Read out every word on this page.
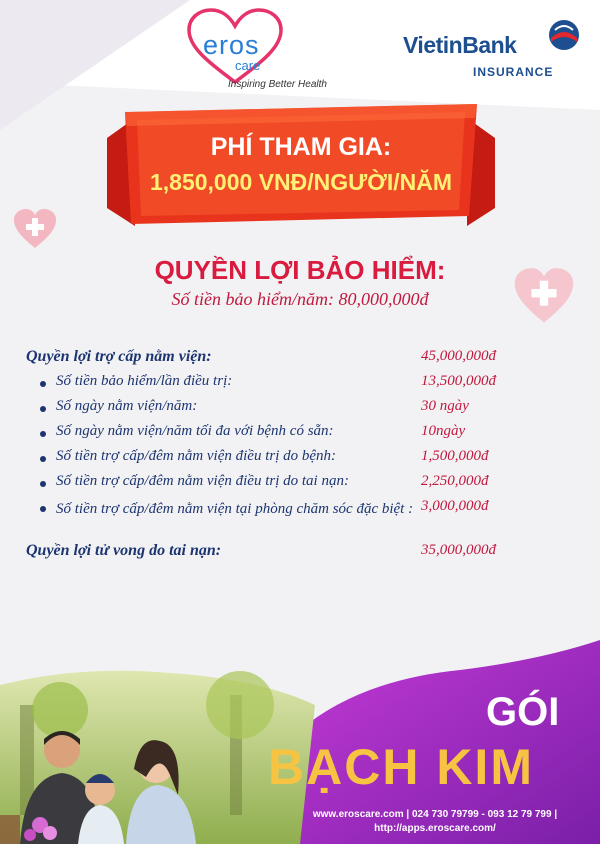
eros
care
Inspiring Better Health
VietinBank
INSURANCE
PHÍ THAM GIA:
1,850,000 VNĐ/NGƯỜI/NĂM
QUYỀN LỢI BẢO HIỂM:
Số tiền bảo hiểm/năm: 80,000,000đ
Quyền lợi trợ cấp nằm viện:	45,000,000đ
Số tiền bảo hiểm/lần điều trị:	13,500,000đ
Số ngày nằm viện/năm:	30 ngày
Số ngày nằm viện/năm tối đa với bệnh có sẵn:	10ngày
Số tiền trợ cấp/đêm nằm viện điều trị do bệnh:	1,500,000đ
Số tiền trợ cấp/đêm nằm viện điều trị do tai nạn:	2,250,000đ
Số tiền trợ cấp/đêm nằm viện tại phòng chăm sóc đặc biệt : 3,000,000đ
Quyền lợi tử vong do tai nạn:	35,000,000đ
GÓI
BẠCH KIM
www.eroscare.com | 024 730 79799 - 093 12 79 799 |
http://apps.eroscare.com/
